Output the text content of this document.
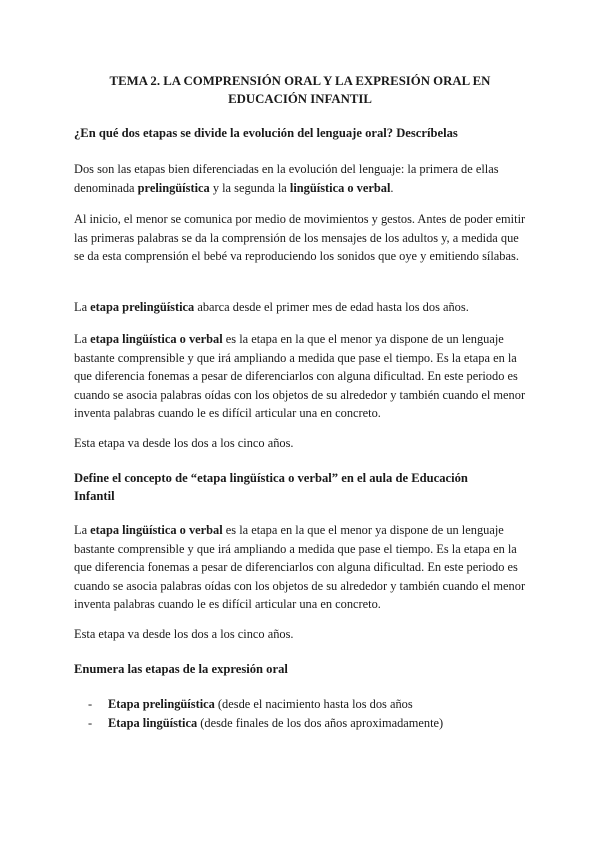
TEMA 2. LA COMPRENSIÓN ORAL Y LA EXPRESIÓN ORAL EN
EDUCACIÓN INFANTIL
¿En qué dos etapas se divide la evolución del lenguaje oral? Descríbelas
Dos son las etapas bien diferenciadas en la evolución del lenguaje: la primera de ellas denominada prelingüística y la segunda la lingüística o verbal.
Al inicio, el menor se comunica por medio de movimientos y gestos. Antes de poder emitir las primeras palabras se da la comprensión de los mensajes de los adultos y, a medida que se da esta comprensión el bebé va reproduciendo los sonidos que oye y emitiendo sílabas.
La etapa prelingüística abarca desde el primer mes de edad hasta los dos años.
La etapa lingüística o verbal es la etapa en la que el menor ya dispone de un lenguaje bastante comprensible y que irá ampliando a medida que pase el tiempo. Es la etapa en la que diferencia fonemas a pesar de diferenciarlos con alguna dificultad. En este periodo es cuando se asocia palabras oídas con los objetos de su alrededor y también cuando el menor inventa palabras cuando le es difícil articular una en concreto.
Esta etapa va desde los dos a los cinco años.
Define el concepto de “etapa lingüística o verbal” en el aula de Educación
Infantil
La etapa lingüística o verbal es la etapa en la que el menor ya dispone de un lenguaje bastante comprensible y que irá ampliando a medida que pase el tiempo. Es la etapa en la que diferencia fonemas a pesar de diferenciarlos con alguna dificultad. En este periodo es cuando se asocia palabras oídas con los objetos de su alrededor y también cuando el menor inventa palabras cuando le es difícil articular una en concreto.
Esta etapa va desde los dos a los cinco años.
Enumera las etapas de la expresión oral
- Etapa prelingüística (desde el nacimiento hasta los dos años
- Etapa lingüística (desde finales de los dos años aproximadamente)
